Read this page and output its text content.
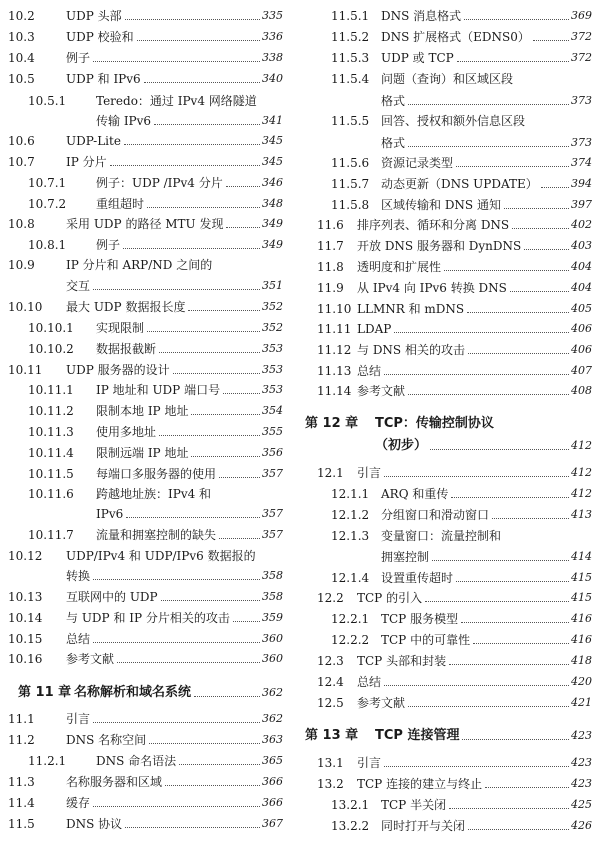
10.2	UDP 头部	335
10.3	UDP 校验和	336
10.4	例子	338
10.5	UDP 和 IPv6	340
10.5.1	Teredo：通过 IPv4 网络隧道
传输 IPv6	341
10.6	UDP-Lite	345
10.7	IP 分片	345
10.7.1	例子：UDP /IPv4 分片	346
10.7.2	重组超时	348
10.8	采用 UDP 的路径 MTU 发现	349
10.8.1	例子	349
10.9	IP 分片和 ARP/ND 之间的
交互	351
10.10	最大 UDP 数据报长度	352
10.10.1	实现限制	352
10.10.2	数据报截断	353
10.11	UDP 服务器的设计	353
10.11.1	IP 地址和 UDP 端口号	353
10.11.2	限制本地 IP 地址	354
10.11.3	使用多地址	355
10.11.4	限制远端 IP 地址	356
10.11.5	每端口多服务器的使用	357
10.11.6	跨越地址族：IPv4 和
IPv6	357
10.11.7	流量和拥塞控制的缺失	357
10.12	UDP/IPv4 和 UDP/IPv6 数据报的
转换	358
10.13	互联网中的 UDP	358
10.14	与 UDP 和 IP 分片相关的攻击	359
10.15	总结	360
10.16	参考文献	360
第 11 章 名称解析和域名系统	362
11.1	引言	362
11.2	DNS 名称空间	363
11.2.1	DNS 命名语法	365
11.3	名称服务器和区域	366
11.4	缓存	366
11.5	DNS 协议	367
11.5.1 DNS 消息格式	369
11.5.2 DNS 扩展格式（EDNS0）	372
11.5.3 UDP 或 TCP	372
11.5.4 问题（查询）和区域区段
格式	373
11.5.5 回答、授权和额外信息区段
格式	373
11.5.6 资源记录类型	374
11.5.7 动态更新（DNS UPDATE）	394
11.5.8 区域传输和 DNS 通知	397
11.6	排序列表、循环和分离 DNS	402
11.7	开放 DNS 服务器和 DynDNS	403
11.8	透明度和扩展性	404
11.9	从 IPv4 向 IPv6 转换 DNS	404
11.10 LLMNR 和 mDNS	405
11.11 LDAP	406
11.12 与 DNS 相关的攻击	406
11.13 总结	407
11.14 参考文献	408
第 12 章	TCP：传输控制协议
（初步）	412
12.1	引言	412
12.1.1 ARQ 和重传	412
12.1.2 分组窗口和滑动窗口	413
12.1.3 变量窗口：流量控制和
拥塞控制	414
12.1.4 设置重传超时	415
12.2	TCP 的引入	415
12.2.1 TCP 服务模型	416
12.2.2 TCP 中的可靠性	416
12.3	TCP 头部和封装	418
12.4	总结	420
12.5	参考文献	421
第 13 章	TCP 连接管理	423
13.1	引言	423
13.2	TCP 连接的建立与终止	423
13.2.1 TCP 半关闭	425
13.2.2 同时打开与关闭	426
